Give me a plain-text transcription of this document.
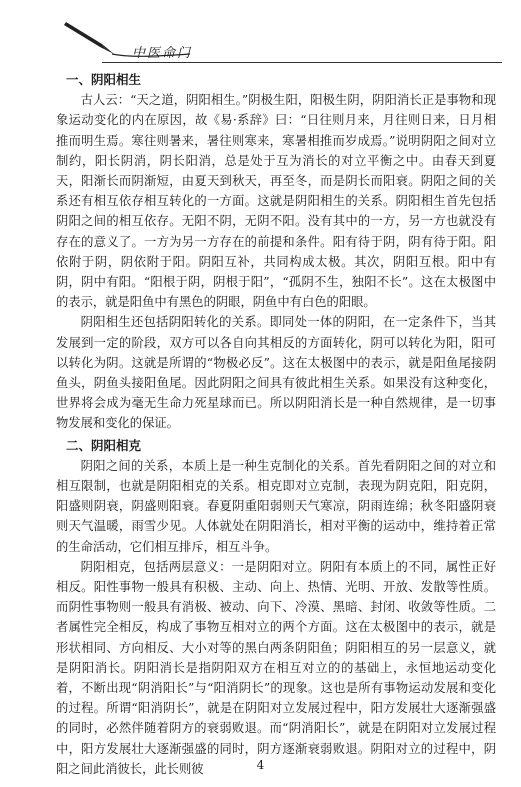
中医命门
一、阴阳相生

古人云：“天之道，阴阳相生。”阴极生阳，阳极生阴，阴阳消长正是事物和现象运动变化的内在原因，故《易·系辞》曰：“日往则月来，月往则日来，日月相推而明生焉。寒往则暑来，暑往则寒来，寒暑相推而岁成焉。”说明阴阳之间对立制约，阳长阴消，阴长阳消，总是处于互为消长的对立平衡之中。由春天到夏天，阳渐长而阴渐短，由夏天到秋天，再至冬，而是阴长而阳衰。阴阳之间的关系还有相互依存相互转化的一方面。这就是阴阳相生的关系。阴阳相生首先包括阴阳之间的相互依存。无阳不阴，无阴不阳。没有其中的一方，另一方也就没有存在的意义了。一方为另一方存在的前提和条件。阳有待于阴，阴有待于阳。阳依附于阴，阴依附于阳。阴阳互补，共同构成太极。其次，阴阳互根。阳中有阴，阴中有阳。“阳根于阴，阴根于阳”，“孤阴不生，独阳不长”。这在太极图中的表示，就是阳鱼中有黑色的阴眼，阴鱼中有白色的阳眼。

阴阳相生还包括阴阳转化的关系。即同处一体的阴阳，在一定条件下，当其发展到一定的阶段，双方可以各自向其相反的方面转化，阴可以转化为阳，阳可以转化为阴。这就是所谓的“物极必反”。这在太极图中的表示，就是阳鱼尾接阴鱼头，阴鱼头接阳鱼尾。因此阴阳之间具有彼此相生关系。如果没有这种变化，世界将会成为毫无生命力死星球而已。所以阴阳消长是一种自然规律，是一切事物发展和变化的保证。

二、阴阳相克

阴阳之间的关系，本质上是一种生克制化的关系。首先看阴阳之间的对立和相互限制，也就是阴阳相克的关系。相克即对立克制，表现为阴克阳，阳克阴，阳盛则阴衰，阴盛则阳衰。春夏阴重阳弱则天气寒凉，阴雨连绵；秋冬阳盛阴衰则天气温暖，雨雪少见。人体就处在阴阳消长，相对平衡的运动中，维持着正常的生命活动，它们相互排斥，相互斗争。

阴阳相克，包括两层意义：一是阴阳对立。阴阳有本质上的不同，属性正好相反。阳性事物一般具有积极、主动、向上、热情、光明、开放、发散等性质。而阴性事物则一般具有消极、被动、向下、冷漠、黑暗、封闭、收敛等性质。二者属性完全相反，构成了事物互相对立的两个方面。这在太极图中的表示，就是形状相同、方向相反、大小对等的黑白两条阴阳鱼；阴阳相互的另一层意义，就是阴阳消长。阴阳消长是指阴阳双方在相互对立的的基础上，永恒地运动变化着，不断出现“阴消阳长”与“阳消阴长”的现象。这也是所有事物运动发展和变化的过程。所谓“阳消阴长”，就是在阴阳对立发展过程中，阳方发展壮大逐渐强盛的同时，必然伴随着阴方的衰弱败退。而“阴消阳长”，就是在阴阳对立发展过程中，阳方发展壮大逐渐强盛的同时，阴方逐渐衰弱败退。阴阳对立的过程中，阴阳之间此消彼长，此长则彼	4
